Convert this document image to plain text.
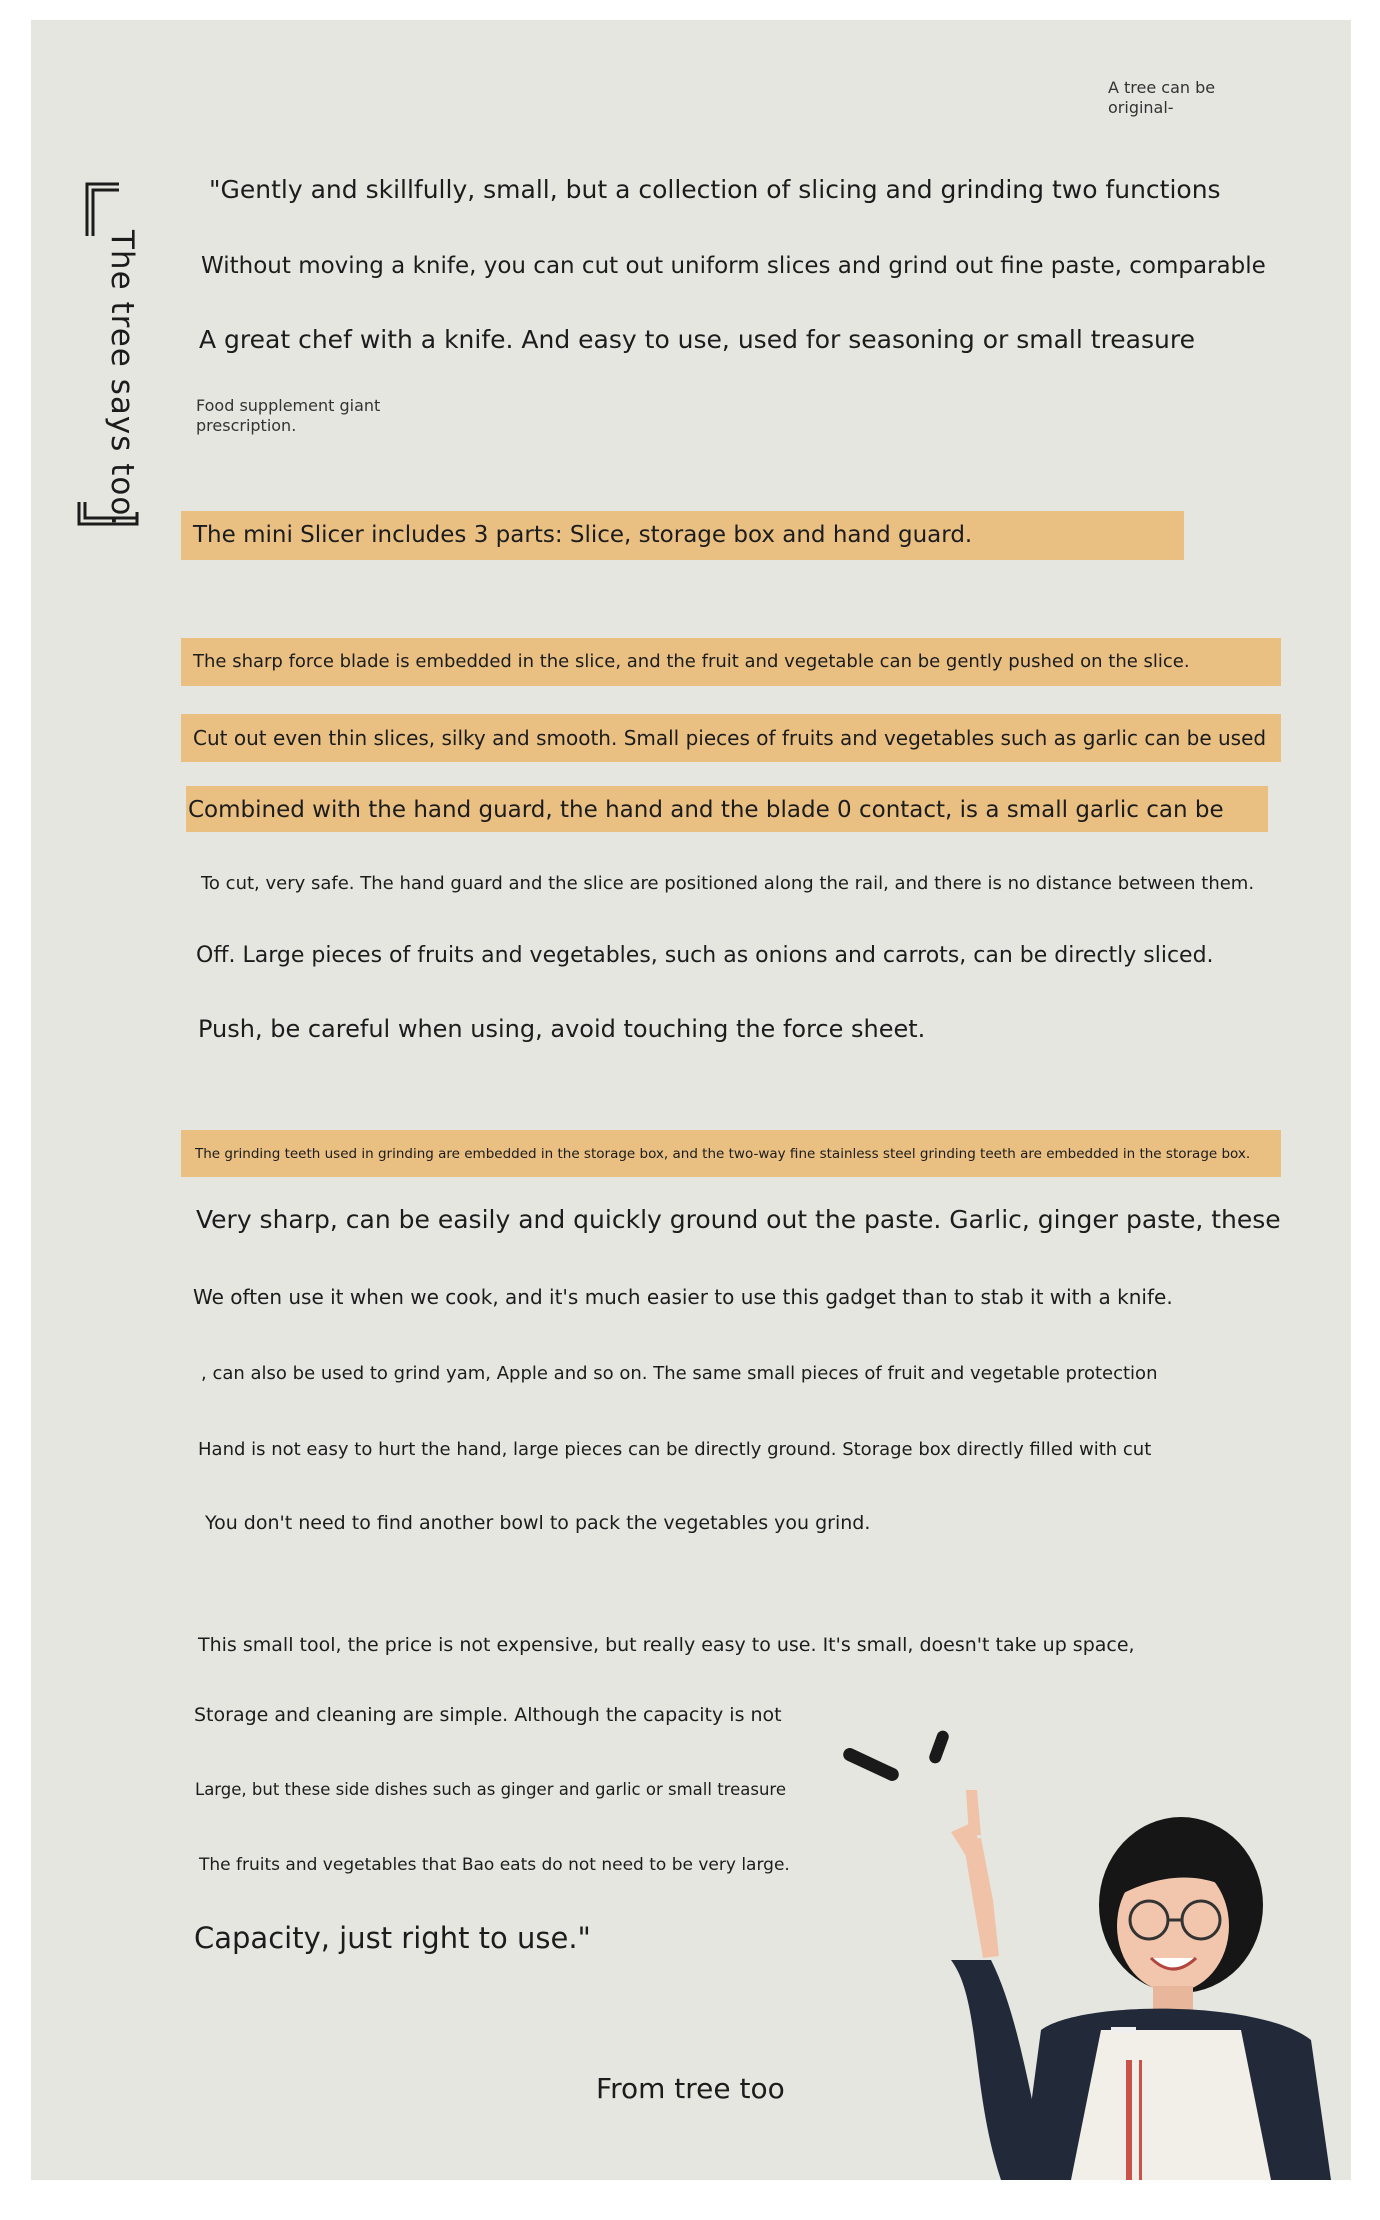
A tree can be original-
The tree says too.

"Gently and skillfully, small, but a collection of slicing and grinding two functions

Without moving a knife, you can cut out uniform slices and grind out fine paste, comparable

A great chef with a knife. And easy to use, used for seasoning or small treasure

Food supplement giant prescription.

The mini Slicer includes 3 parts: Slice, storage box and hand guard.

The sharp force blade is embedded in the slice, and the fruit and vegetable can be gently pushed on the slice.

Cut out even thin slices, silky and smooth. Small pieces of fruits and vegetables such as garlic can be used

Combined with the hand guard, the hand and the blade 0 contact, is a small garlic can be

To cut, very safe. The hand guard and the slice are positioned along the rail, and there is no distance between them.

Off. Large pieces of fruits and vegetables, such as onions and carrots, can be directly sliced.

Push, be careful when using, avoid touching the force sheet.

The grinding teeth used in grinding are embedded in the storage box, and the two-way fine stainless steel grinding teeth are embedded in the storage box.

Very sharp, can be easily and quickly ground out the paste. Garlic, ginger paste, these

We often use it when we cook, and it's much easier to use this gadget than to stab it with a knife.

, can also be used to grind yam, Apple and so on. The same small pieces of fruit and vegetable protection

Hand is not easy to hurt the hand, large pieces can be directly ground. Storage box directly filled with cut

You don't need to find another bowl to pack the vegetables you grind.

This small tool, the price is not expensive, but really easy to use. It's small, doesn't take up space,

Storage and cleaning are simple. Although the capacity is not

Large, but these side dishes such as ginger and garlic or small treasure

The fruits and vegetables that Bao eats do not need to be very large.

Capacity, just right to use."

From tree too
